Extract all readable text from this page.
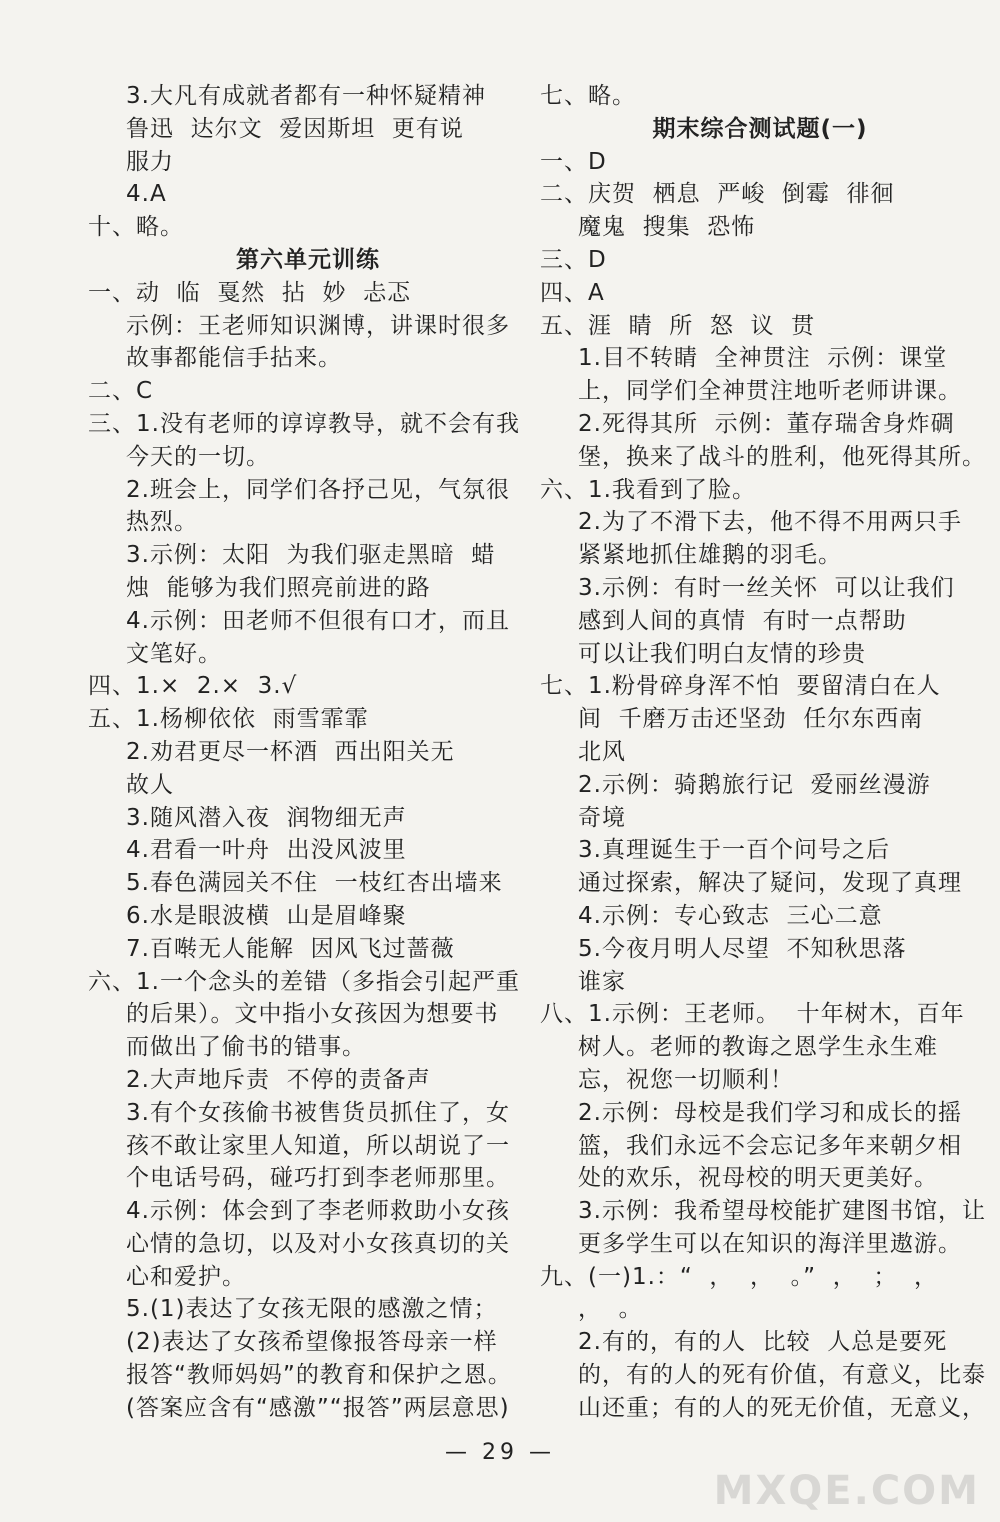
3.大凡有成就者都有一种怀疑精神
鲁迅  达尔文  爱因斯坦  更有说
服力
4.A
十、略。
第六单元训练
一、动  临  戛然  拈  妙  忐忑
示例：王老师知识渊博，讲课时很多
故事都能信手拈来。
二、C
三、1.没有老师的谆谆教导，就不会有我
今天的一切。
2.班会上，同学们各抒己见，气氛很
热烈。
3.示例：太阳  为我们驱走黑暗  蜡
烛  能够为我们照亮前进的路
4.示例：田老师不但很有口才，而且
文笔好。
四、1.×  2.×  3.√
五、1.杨柳依依  雨雪霏霏
2.劝君更尽一杯酒  西出阳关无
故人
3.随风潜入夜  润物细无声
4.君看一叶舟  出没风波里
5.春色满园关不住  一枝红杏出墙来
6.水是眼波横  山是眉峰聚
7.百啭无人能解  因风飞过蔷薇
六、1.一个念头的差错（多指会引起严重
的后果）。文中指小女孩因为想要书
而做出了偷书的错事。
2.大声地斥责  不停的责备声
3.有个女孩偷书被售货员抓住了，女
孩不敢让家里人知道，所以胡说了一
个电话号码，碰巧打到李老师那里。
4.示例：体会到了李老师救助小女孩
心情的急切，以及对小女孩真切的关
心和爱护。
5.(1)表达了女孩无限的感激之情；
(2)表达了女孩希望像报答母亲一样
报答“教师妈妈”的教育和保护之恩。
(答案应含有“感激”“报答”两层意思)
七、略。
期末综合测试题(一)
一、D
二、庆贺  栖息  严峻  倒霉  徘徊
魔鬼  搜集  恐怖
三、D
四、A
五、涯  睛  所  怒  议  贯
1.目不转睛  全神贯注  示例：课堂
上，同学们全神贯注地听老师讲课。
2.死得其所  示例：董存瑞舍身炸碉
堡，换来了战斗的胜利，他死得其所。
六、1.我看到了脸。
2.为了不滑下去，他不得不用两只手
紧紧地抓住雄鹅的羽毛。
3.示例：有时一丝关怀  可以让我们
感到人间的真情  有时一点帮助
可以让我们明白友情的珍贵
七、1.粉骨碎身浑不怕  要留清白在人
间  千磨万击还坚劲  任尔东西南
北风
2.示例：骑鹅旅行记  爱丽丝漫游
奇境
3.真理诞生于一百个问号之后
通过探索，解决了疑问，发现了真理
4.示例：专心致志  三心二意
5.今夜月明人尽望  不知秋思落
谁家
八、1.示例：王老师。  十年树木，百年
树人。老师的教诲之恩学生永生难
忘，祝您一切顺利！
2.示例：母校是我们学习和成长的摇
篮，我们永远不会忘记多年来朝夕相
处的欢乐，祝母校的明天更美好。
3.示例：我希望母校能扩建图书馆，让
更多学生可以在知识的海洋里遨游。
九、(一)1.：“  ，  ，  。”  ，  ；  ，
，  。
2.有的，有的人  比较  人总是要死
的，有的人的死有价值，有意义，比泰
山还重；有的人的死无价值，无意义，
— 29 —
MXQE.COM
